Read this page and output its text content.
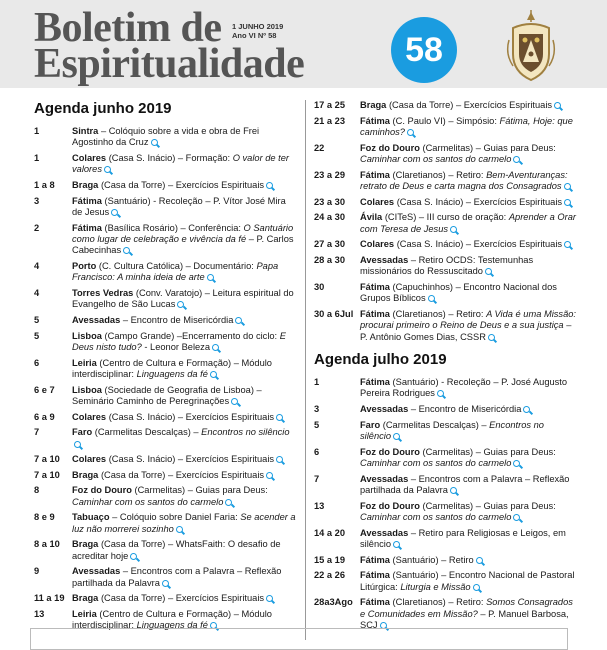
Boletim de
Espiritualidade
1 JUNHO 2019
Ano VI Nº 58	58
Agenda junho 2019
1	Sintra – Colóquio sobre a vida e obra de Frei Agostinho da Cruz
1	Colares (Casa S. Inácio) – Formação: O valor de ter valores
1 a 8	Braga (Casa da Torre) – Exercícios Espirituais
3	Fátima (Santuário) - Recoleção – P. Vítor José Mira de Jesus
2	Fátima (Basílica Rosário) – Conferência: O Santuário como lugar de celebração e vivência da fé – P. Carlos Cabecinhas
4	Porto (C. Cultura Católica) – Documentário: Papa Francisco: A minha ideia de arte
4	Torres Vedras (Conv. Varatojo) – Leitura espiritual do Evangelho de São Lucas
5	Avessadas – Encontro de Misericórdia
5	Lisboa (Campo Grande) –Encerramento do ciclo: E Deus nisto tudo? - Leonor Beleza
6	Leiria (Centro de Cultura e Formação) – Módulo interdisciplinar: Linguagens da fé
6 e 7	Lisboa (Sociedade de Geografia de Lisboa) – Seminário Caminho de Peregrinações
6 a 9	Colares (Casa S. Inácio) – Exercícios Espirituais
7	Faro (Carmelitas Descalças) – Encontros no silêncio
7 a 10	Colares (Casa S. Inácio) – Exercícios Espirituais
7 a 10	Braga (Casa da Torre) – Exercícios Espirituais
8	Foz do Douro (Carmelitas) – Guias para Deus: Caminhar com os santos do carmelo
8 e 9	Tabuaço – Colóquio sobre Daniel Faria: Se acender a luz não morrerei sozinho
8 a 10	Braga (Casa da Torre) – WhatsFaith: O desafio de acreditar hoje
9	Avessadas – Encontros com a Palavra – Reflexão partilhada da Palavra
11 a 19 Braga (Casa da Torre) – Exercícios Espirituais
13	Leiria (Centro de Cultura e Formação) – Módulo interdisciplinar: Linguagens da fé
17 a 25	Braga (Casa da Torre) – Exercícios Espirituais
21 a 23	Fátima (C. Paulo VI) – Simpósio: Fátima, Hoje: que caminhos?
22	Foz do Douro (Carmelitas) – Guias para Deus: Caminhar com os santos do carmelo
23 a 29	Fátima (Claretianos) – Retiro: Bem-Aventuranças: retrato de Deus e carta magna dos Consagrados
23 a 30	Colares (Casa S. Inácio) – Exercícios Espirituais
24 a 30	Ávila (CITeS) – III curso de oração: Aprender a Orar com Teresa de Jesus
27 a 30	Colares (Casa S. Inácio) – Exercícios Espirituais
28 a 30	Avessadas – Retiro OCDS: Testemunhas missionários do Ressuscitado
30	Fátima (Capuchinhos) – Encontro Nacional dos Grupos Bíblicos
30 a 6Jul Fátima (Claretianos) – Retiro: A Vida é uma Missão: procurai primeiro o Reino de Deus e a sua justiça – P. Antônio Gomes Dias, CSSR
Agenda julho 2019
1	Fátima (Santuário) - Recoleção – P. José Augusto Pereira Rodrigues
3	Avessadas – Encontro de Misericórdia
5	Faro (Carmelitas Descalças) – Encontros no silêncio
6	Foz do Douro (Carmelitas) – Guias para Deus: Caminhar com os santos do carmelo
7	Avessadas – Encontros com a Palavra – Reflexão partilhada da Palavra
13	Foz do Douro (Carmelitas) – Guias para Deus: Caminhar com os santos do carmelo
14 a 20	Avessadas – Retiro para Religiosas e Leigos, em silêncio
15 a 19	Fátima (Santuário) – Retiro
22 a 26	Fátima (Santuário) – Encontro Nacional de Pastoral Litúrgica: Liturgia e Missão
28a3Ago Fátima (Claretianos) – Retiro: Somos Consagrados e Comunidades em Missão? – P. Manuel Barbosa, SCJ
